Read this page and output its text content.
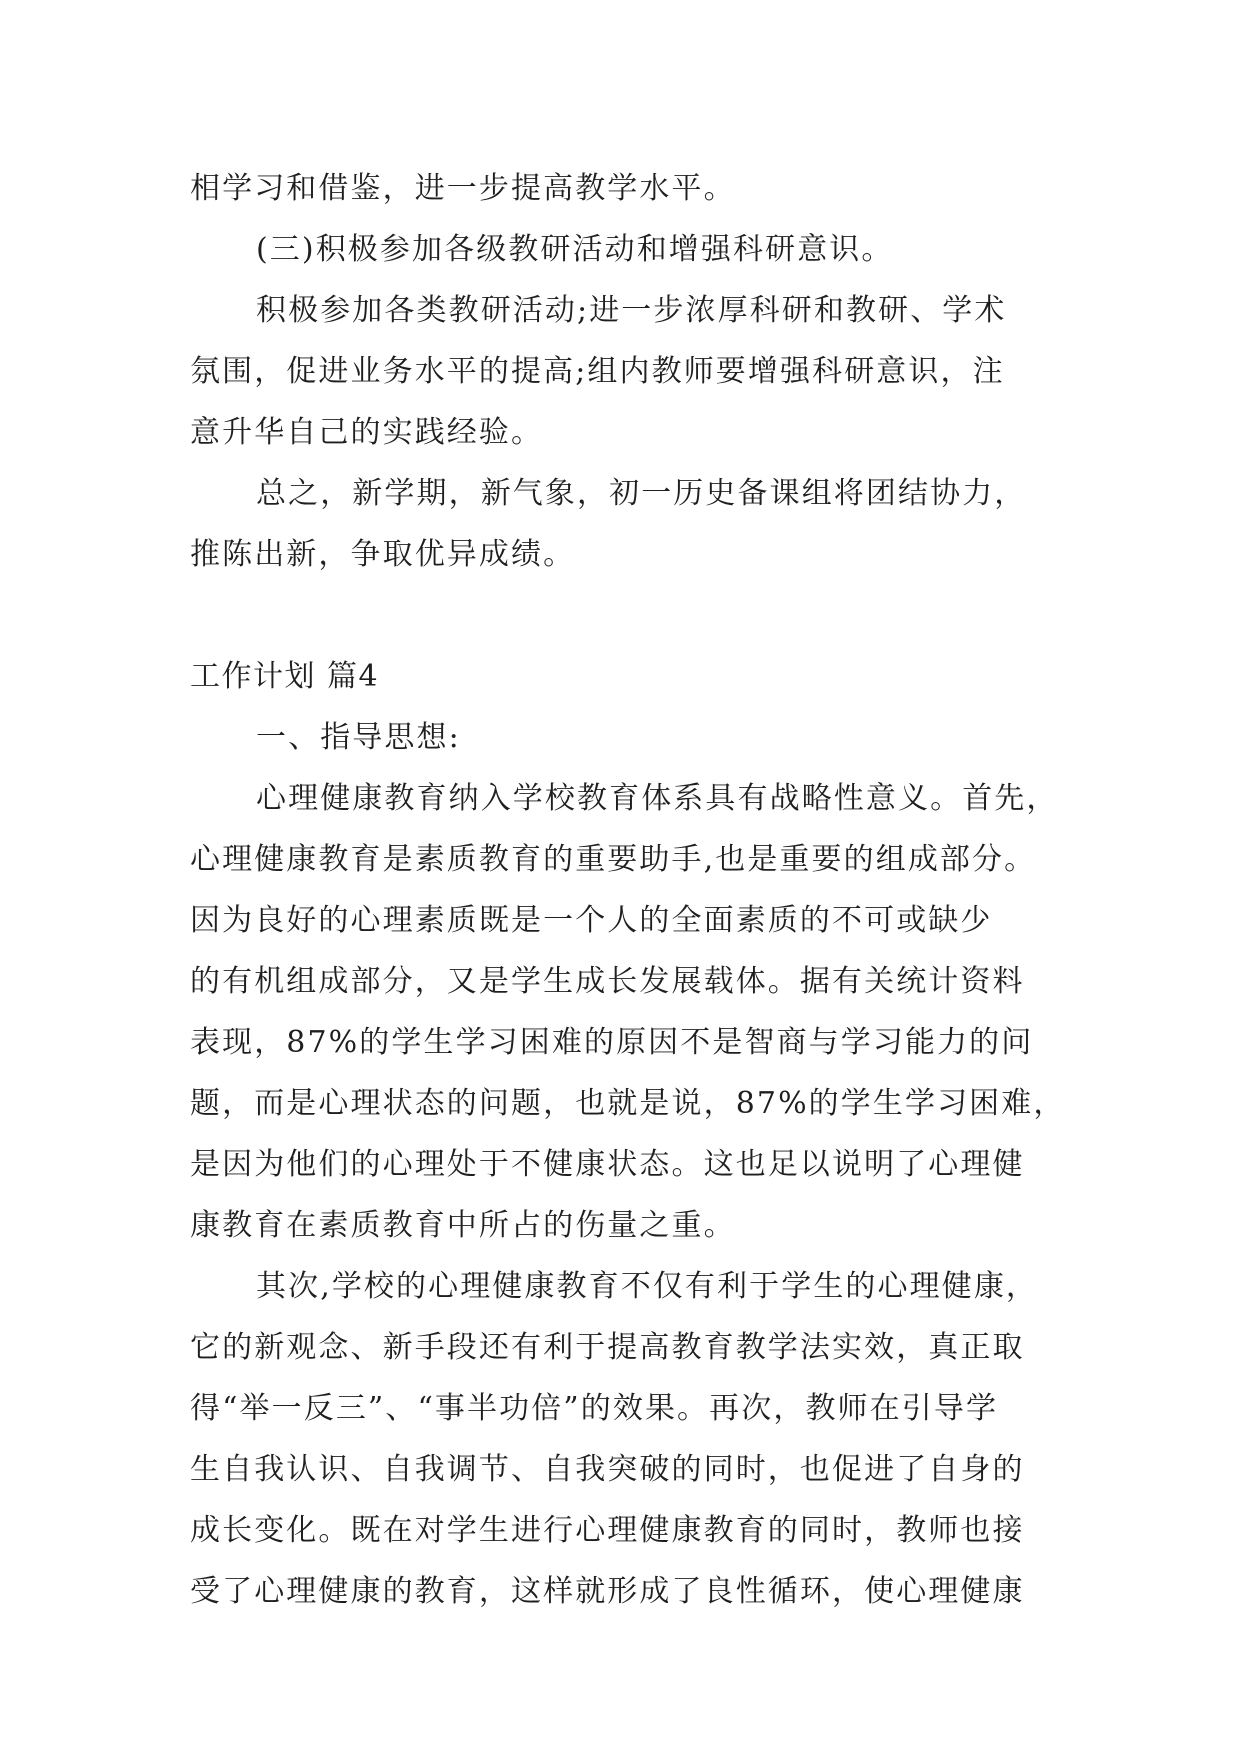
相学习和借鉴，进一步提高教学水平。

(三)积极参加各级教研活动和增强科研意识。

积极参加各类教研活动;进一步浓厚科研和教研、学术

氛围，促进业务水平的提高;组内教师要增强科研意识，注

意升华自己的实践经验。

总之，新学期，新气象，初一历史备课组将团结协力，

推陈出新，争取优异成绩。

工作计划 篇4

一、指导思想:

心理健康教育纳入学校教育体系具有战略性意义。首先，

心理健康教育是素质教育的重要助手,也是重要的组成部分。

因为良好的心理素质既是一个人的全面素质的不可或缺少

的有机组成部分，又是学生成长发展载体。据有关统计资料

表现，87%的学生学习困难的原因不是智商与学习能力的问

题，而是心理状态的问题，也就是说，87%的学生学习困难，

是因为他们的心理处于不健康状态。这也足以说明了心理健

康教育在素质教育中所占的伤量之重。

其次,学校的心理健康教育不仅有利于学生的心理健康，

它的新观念、新手段还有利于提高教育教学法实效，真正取

得“举一反三”、“事半功倍”的效果。再次，教师在引导学

生自我认识、自我调节、自我突破的同时，也促进了自身的

成长变化。既在对学生进行心理健康教育的同时，教师也接

受了心理健康的教育，这样就形成了良性循环，使心理健康
